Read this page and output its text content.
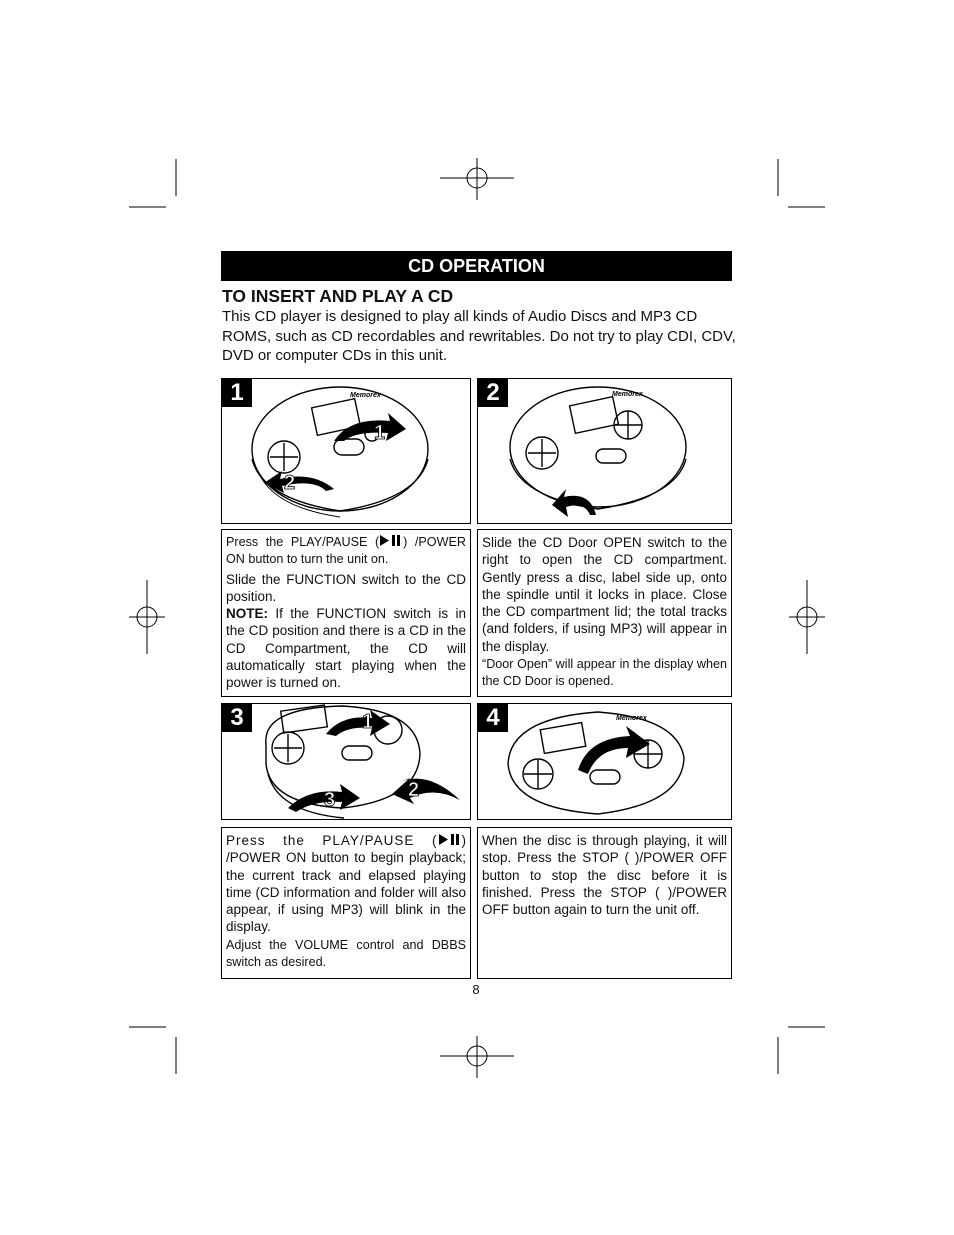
CD OPERATION
TO INSERT AND PLAY A CD
This CD player is designed to play all kinds of Audio Discs and MP3 CD ROMS, such as CD recordables and rewritables. Do not try to play CDI, CDV, DVD or computer CDs in this unit.
1	Memorex
1
2
2	Memorex

Press the PLAY/PAUSE ( ) /POWER ON button to turn the unit on.

Slide the FUNCTION switch to the CD position.

NOTE: If the FUNCTION switch is in the CD position and there is a CD in the CD Compartment, the CD will automatically start playing when the power is turned on.

Slide the CD Door OPEN switch to the right to open the CD compartment. Gently press a disc, label side up, onto the spindle until it locks in place. Close the CD compartment lid; the total tracks (and folders, if using MP3) will appear in the display.

“Door Open” will appear in the display when the CD Door is opened.

3	1
2
3
4	Memorex

Press the PLAY/PAUSE ( ) /POWER ON button to begin playback; the current track and elapsed playing time (CD information and folder will also appear, if using MP3) will blink in the display.

Adjust the VOLUME control and DBBS switch as desired.

When the disc is through playing, it will stop. Press the STOP ( )/POWER OFF button to stop the disc before it is finished. Press the STOP ( )/POWER OFF button again to turn the unit off.

8
